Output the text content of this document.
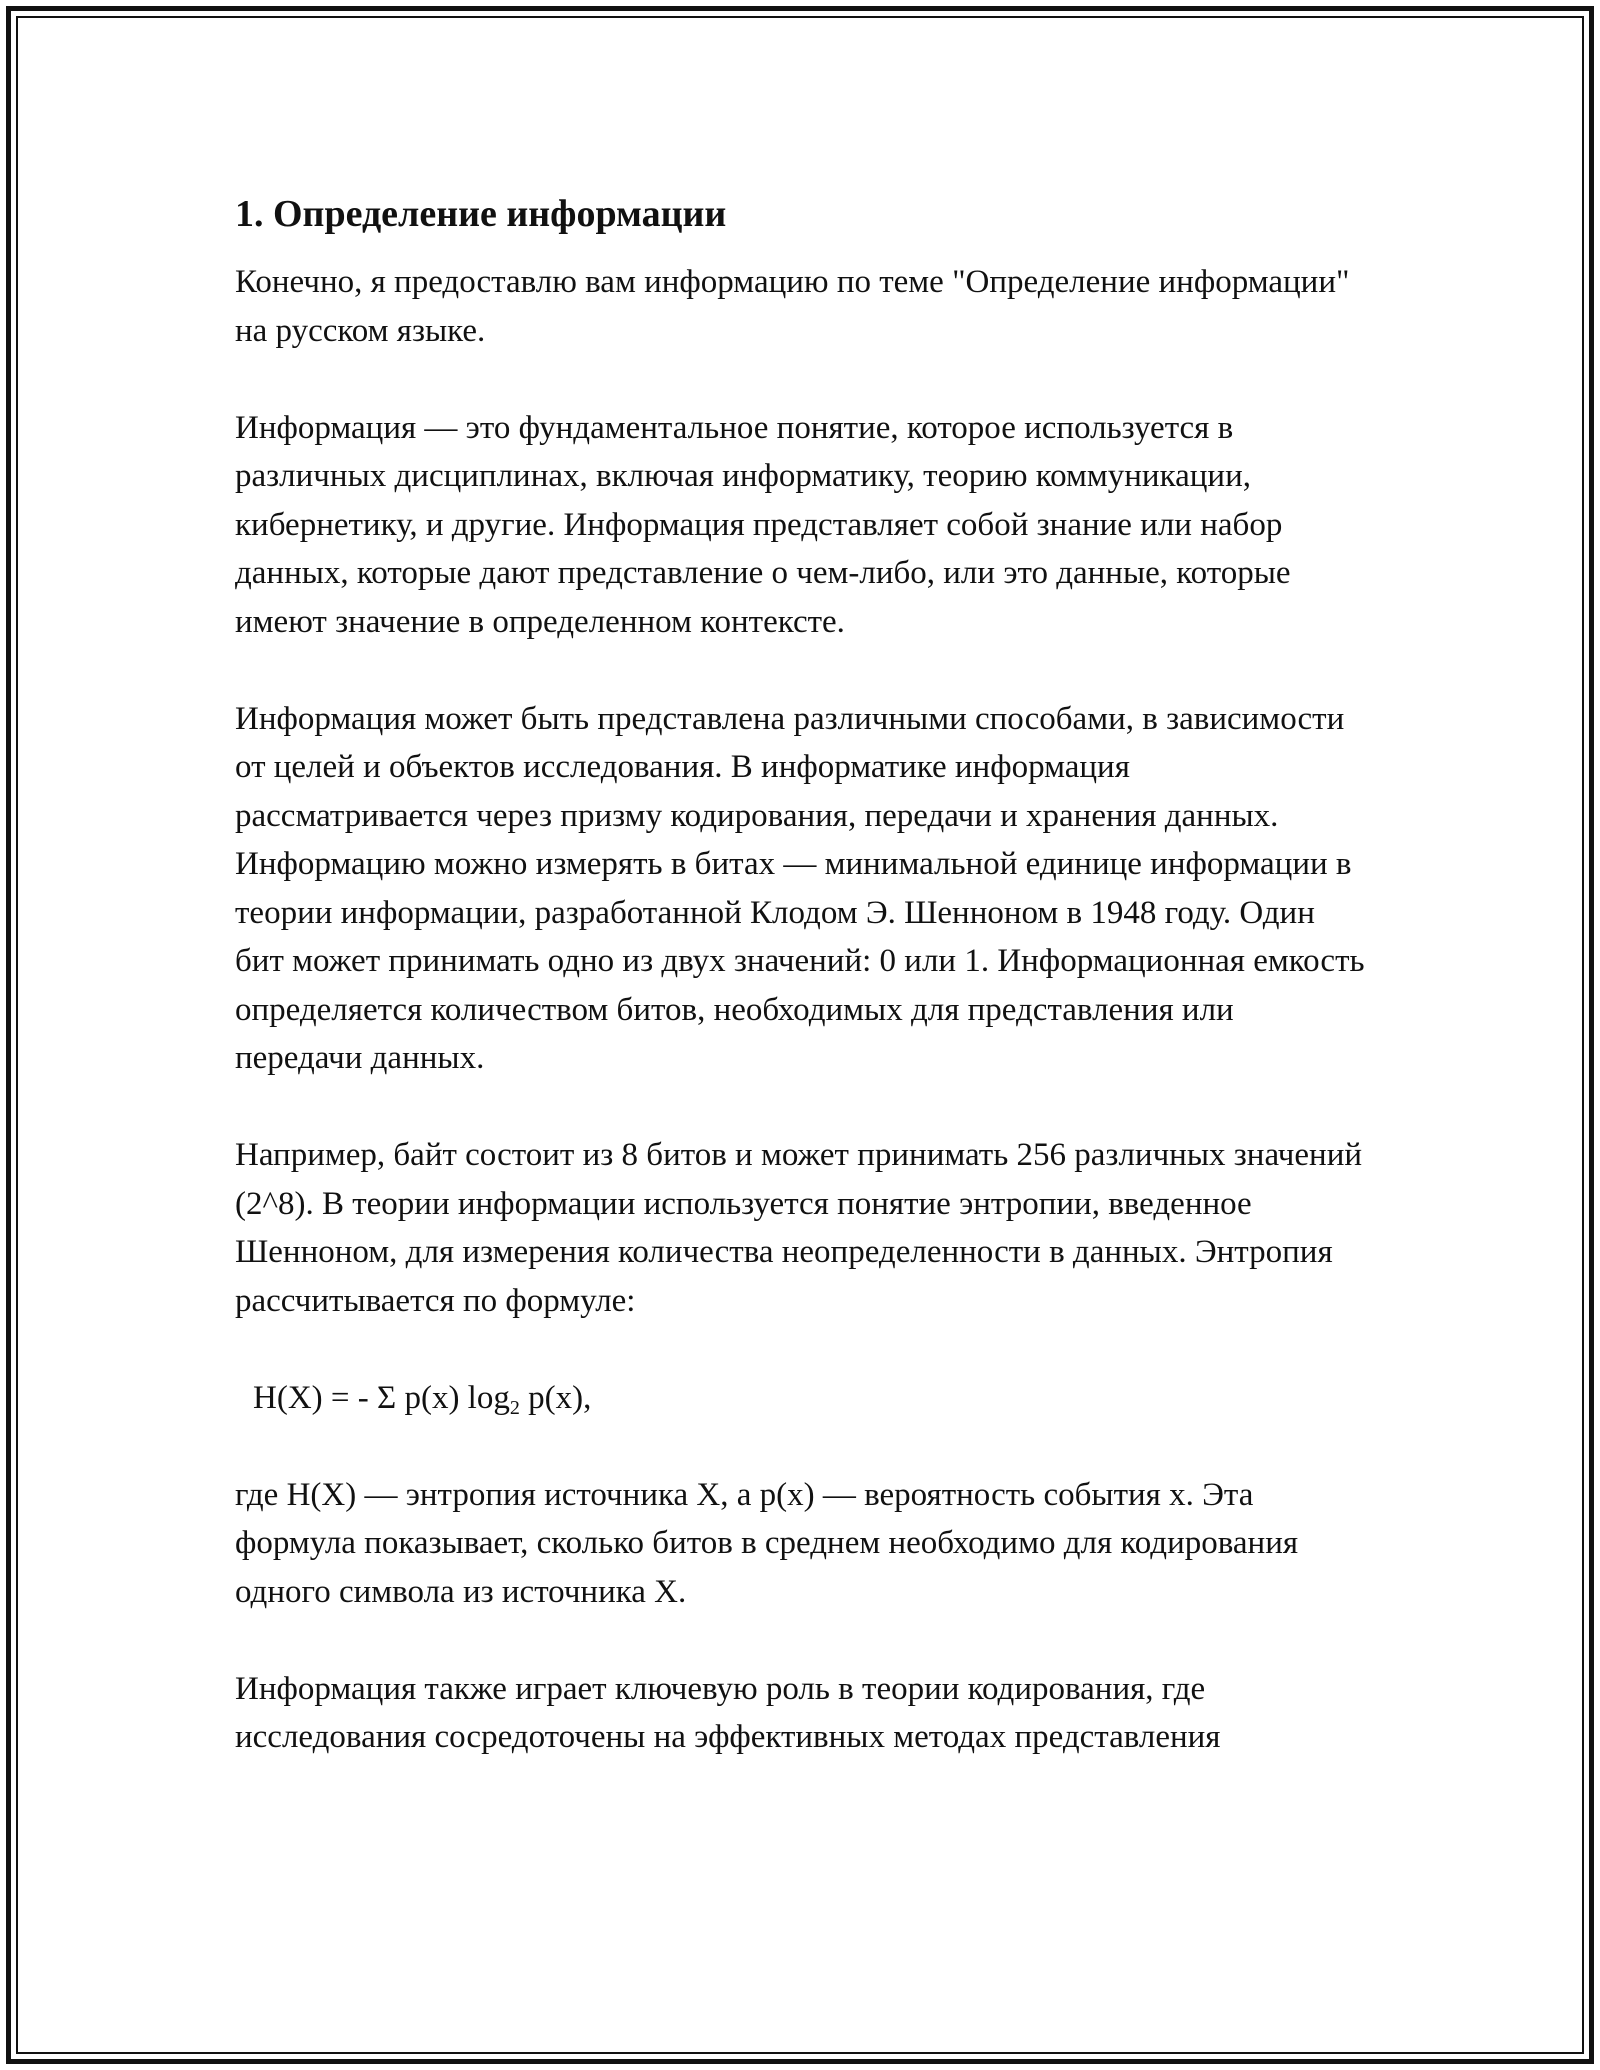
1. Определение информации

Конечно, я предоставлю вам информацию по теме "Определение информации" на русском языке.

Информация — это фундаментальное понятие, которое используется в различных дисциплинах, включая информатику, теорию коммуникации, кибернетику, и другие. Информация представляет собой знание или набор данных, которые дают представление о чем-либо, или это данные, которые имеют значение в определенном контексте.

Информация может быть представлена различными способами, в зависимости от целей и объектов исследования. В информатике информация рассматривается через призму кодирования, передачи и хранения данных. Информацию можно измерять в битах — минимальной единице информации в теории информации, разработанной Клодом Э. Шенноном в 1948 году. Один бит может принимать одно из двух значений: 0 или 1. Информационная емкость определяется количеством битов, необходимых для представления или передачи данных.

Например, байт состоит из 8 битов и может принимать 256 различных значений (2^8). В теории информации используется понятие энтропии, введенное Шенноном, для измерения количества неопределенности в данных. Энтропия рассчитывается по формуле:

H(X) = - Σ p(x) $\log_2 p(x)$,

где H(X) — энтропия источника X, а p(x) — вероятность события x. Эта формула показывает, сколько битов в среднем необходимо для кодирования одного символа из источника X.

Информация также играет ключевую роль в теории кодирования, где исследования сосредоточены на эффективных методах представления
